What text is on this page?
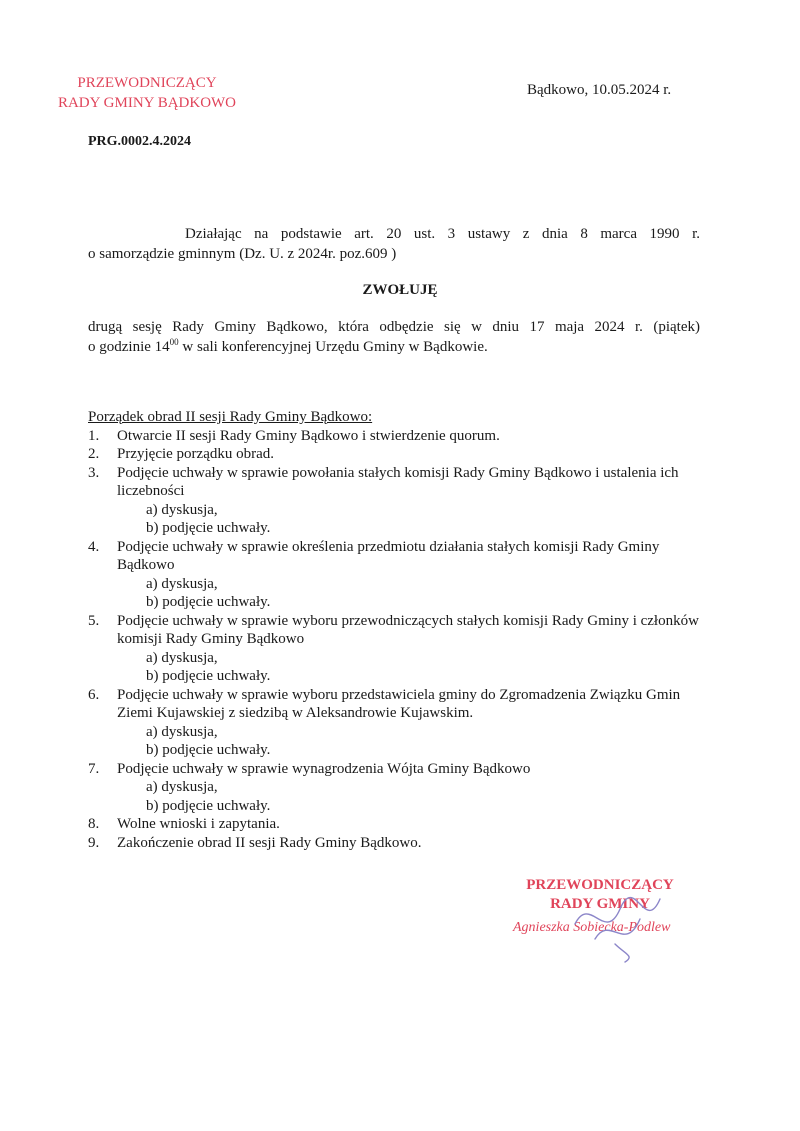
PRZEWODNICZĄCY
RADY GMINY BĄDKOWO
Bądkowo, 10.05.2024 r.
PRG.0002.4.2024
Działając na podstawie art. 20 ust. 3 ustawy z dnia 8 marca 1990 r.
o samorządzie gminnym (Dz. U. z 2024r. poz.609 )
ZWOŁUJĘ
drugą sesję Rady Gminy Bądkowo, która odbędzie się w dniu 17 maja 2024 r. (piątek)
o godzinie $14^{00}$ w sali konferencyjnej Urzędu Gminy w Bądkowie.
Porządek obrad II sesji Rady Gminy Bądkowo:
1. Otwarcie II sesji Rady Gminy Bądkowo i stwierdzenie quorum.
2. Przyjęcie porządku obrad.
3. Podjęcie uchwały w sprawie powołania stałych komisji Rady Gminy Bądkowo i ustalenia ich liczebności
a) dyskusja,
b) podjęcie uchwały.
4. Podjęcie uchwały w sprawie określenia przedmiotu działania stałych komisji Rady Gminy Bądkowo
a) dyskusja,
b) podjęcie uchwały.
5. Podjęcie uchwały w sprawie wyboru przewodniczących stałych komisji Rady Gminy i członków komisji Rady Gminy Bądkowo
a) dyskusja,
b) podjęcie uchwały.
6. Podjęcie uchwały w sprawie wyboru przedstawiciela gminy do Zgromadzenia Związku Gmin Ziemi Kujawskiej z siedzibą w Aleksandrowie Kujawskim.
a) dyskusja,
b) podjęcie uchwały.
7. Podjęcie uchwały w sprawie wynagrodzenia Wójta Gminy Bądkowo
a) dyskusja,
b) podjęcie uchwały.
8. Wolne wnioski i zapytania.
9. Zakończenie obrad II sesji Rady Gminy Bądkowo.
PRZEWODNICZĄCY
RADY GMINY
Agnieszka Sobiecka-Podlew
